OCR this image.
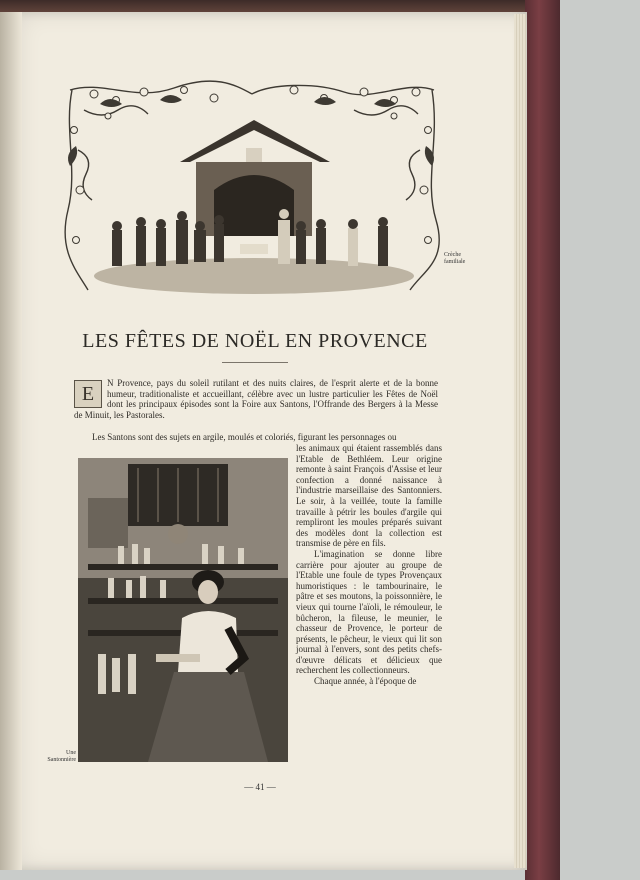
Crèche
familiale
LES FÊTES DE NOËL EN PROVENCE
E	N Provence, pays du soleil rutilant et des nuits claires, de l'esprit alerte et de la bonne humeur, traditionaliste et accueillant, célèbre avec un lustre particulier les Fêtes de Noël dont les principaux épisodes sont la Foire aux Santons, l'Offrande des Bergers à la Messe de Minuit, les Pastorales.
Les Santons sont des sujets en argile, moulés et coloriés, figurant les personnages ou
Une
Santonnière

les animaux qui étaient rassemblés dans l'Etable de Bethléem. Leur origine remonte à saint François d'Assise et leur confection a donné naissance à l'industrie marseillaise des Santonniers. Le soir, à la veillée, toute la famille travaille à pétrir les boules d'argile qui rempliront les moules préparés suivant des modèles dont la collection est transmise de père en fils.

L'imagination se donne libre carrière pour ajouter au groupe de l'Etable une foule de types Provençaux humoristiques : le tambourinaire, le pâtre et ses moutons, la poissonnière, le vieux qui tourne l'aïoli, le rémouleur, le bûcheron, la fileuse, le meunier, le chasseur de Provence, le porteur de présents, le pêcheur, le vieux qui lit son journal à l'envers, sont des petits chefs-d'œuvre délicats et délicieux que recherchent les collectionneurs.

Chaque année, à l'époque de

— 41 —
